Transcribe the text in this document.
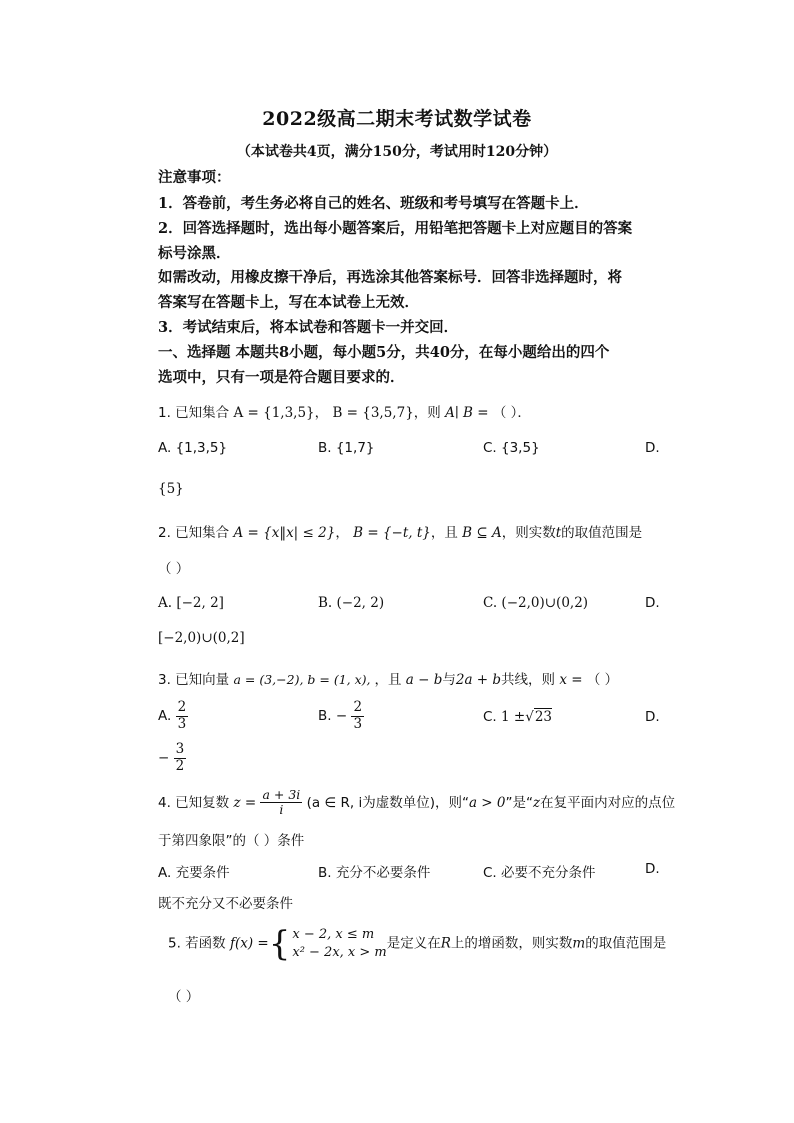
2022级高二期末考试数学试卷
（本试卷共4页，满分150分，考试用时120分钟）
注意事项：
1．答卷前，考生务必将自己的姓名、班级和考号填写在答题卡上．
2．回答选择题时，选出每小题答案后，用铅笔把答题卡上对应题目的答案
标号涂黑．
如需改动，用橡皮擦干净后，再选涂其他答案标号．回答非选择题时，将
答案写在答题卡上，写在本试卷上无效．
3．考试结束后，将本试卷和答题卡一并交回．
一、选择题 本题共8小题，每小题5分，共40分，在每小题给出的四个
选项中，只有一项是符合题目要求的．
1. 已知集合 A = {1,3,5}， B = {3,5,7}，则 A∣ B = （ ）．
A. {1,3,5}	B. {1,7}	C. {3,5}	D.
{5}
2. 已知集合 A = {x‖x| ≤ 2}， B = {−t, t}，且 B ⊆ A，则实数t的取值范围是
（ ）
A. [−2, 2]	B. (−2, 2)	C. (−2,0)∪(0,2)	D.
[−2,0)∪(0,2]
3. 已知向量 a = (3,−2), b = (1, x), ，且 a − b与2a + b共线，则 x = （ ）
A. $\frac{2}{3}$	B. − $\frac{2}{3}$	C. 1 ±√23	D.
− $\frac{3}{2}$
4. 已知复数 $z = \frac{a + 3i}{i} (a$ ∈ R, i为虚数单位)，则“a > 0”是“z在复平面内对应的点位
于第四象限”的（ ）条件
A. 充要条件	B. 充分不必要条件	C. 必要不充分条件	D.
既不充分又不必要条件
5. 若函数 f(x) ={ x − 2, x ≤ m
x² − 2x, x > m
是定义在R上的增函数，则实数m的取值范围是
（ ）
